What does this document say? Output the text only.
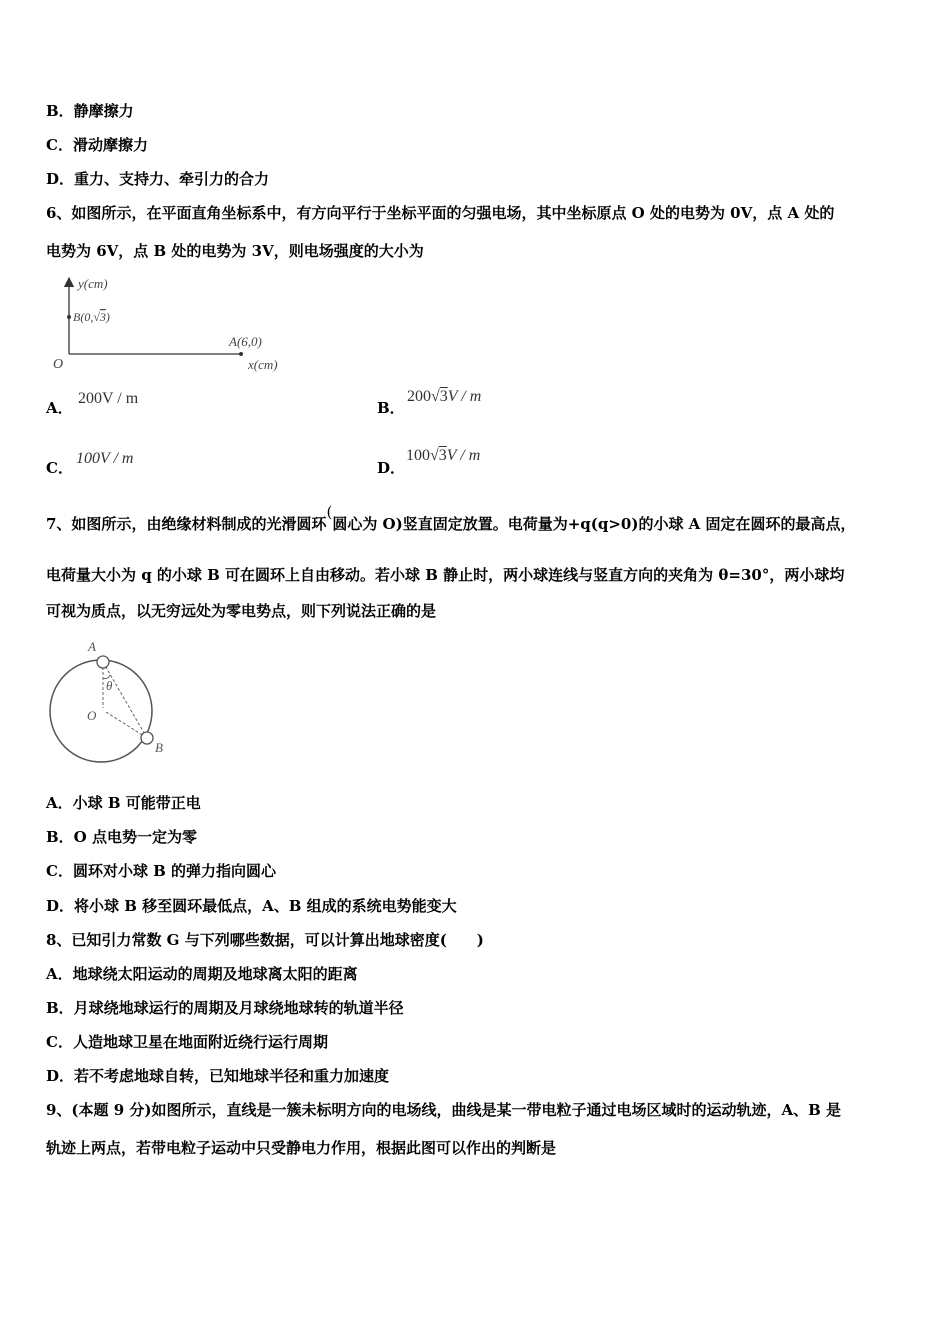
B．静摩擦力
C．滑动摩擦力
D．重力、支持力、牵引力的合力
6、如图所示，在平面直角坐标系中，有方向平行于坐标平面的匀强电场，其中坐标原点 O 处的电势为 0V，点 A 处的
电势为 6V，点 B 处的电势为 3V，则电场强度的大小为
y(cm)
B(0,√3)
A(6,0)
O	x(cm)
A．
200V / m
B．
200√3V / m
C．
100V / m
D．
100√3V / m
7、如图所示，由绝缘材料制成的光滑圆环(圆心为 O)竖直固定放置。电荷量为+q(q>0)的小球 A 固定在圆环的最高点，
电荷量大小为 q 的小球 B 可在圆环上自由移动。若小球 B 静止时，两小球连线与竖直方向的夹角为 θ=30°，两小球均
可视为质点，以无穷远处为零电势点，则下列说法正确的是
A
θ
O
B
A．小球 B 可能带正电
B．O 点电势一定为零
C．圆环对小球 B 的弹力指向圆心
D．将小球 B 移至圆环最低点，A、B 组成的系统电势能变大
8、已知引力常数 G 与下列哪些数据，可以计算出地球密度(　　)
A．地球绕太阳运动的周期及地球离太阳的距离
B．月球绕地球运行的周期及月球绕地球转的轨道半径
C．人造地球卫星在地面附近绕行运行周期
D．若不考虑地球自转，已知地球半径和重力加速度
9、(本题 9 分)如图所示，直线是一簇未标明方向的电场线，曲线是某一带电粒子通过电场区域时的运动轨迹，A、B 是
轨迹上两点，若带电粒子运动中只受静电力作用，根据此图可以作出的判断是
